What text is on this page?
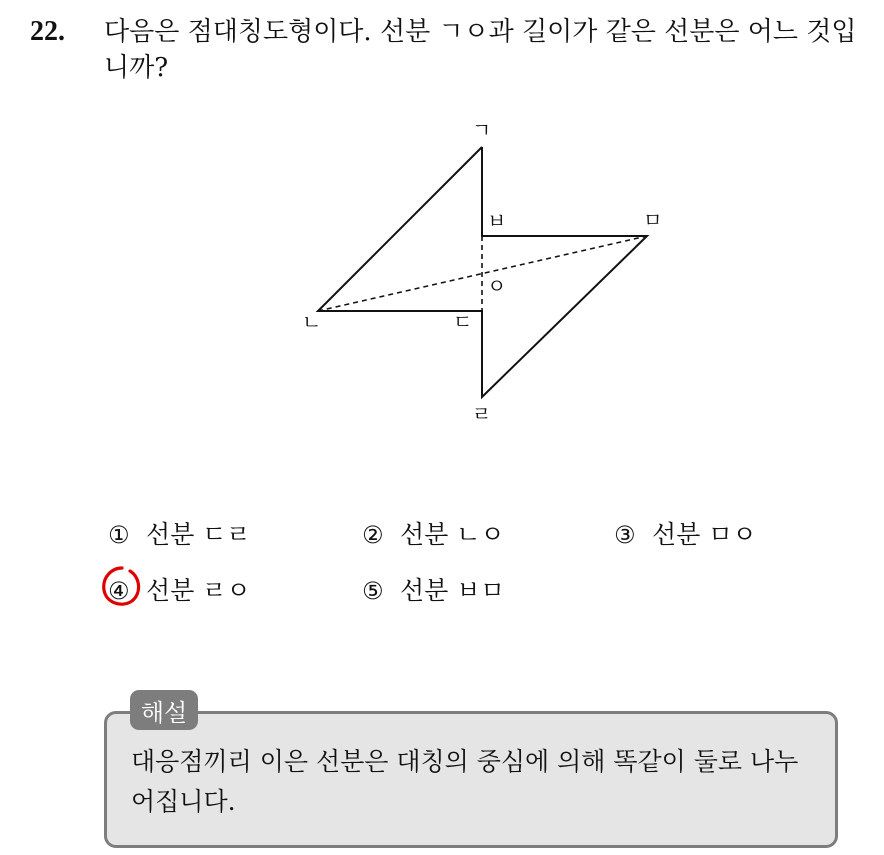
22. 다음은 점대칭도형이다. 선분 ㄱㅇ과 길이가 같은 선분은 어느 것입니까?
ㄱ
ㅂ	ㅁ
ㅇ
ㄴ	ㄷ
ㄹ
① 선분 ㄷㄹ	② 선분 ㄴㅇ	③ 선분 ㅁㅇ
④ 선분 ㄹㅇ	⑤ 선분 ㅂㅁ
해설
대응점끼리 이은 선분은 대칭의 중심에 의해 똑같이 둘로 나누어집니다.
